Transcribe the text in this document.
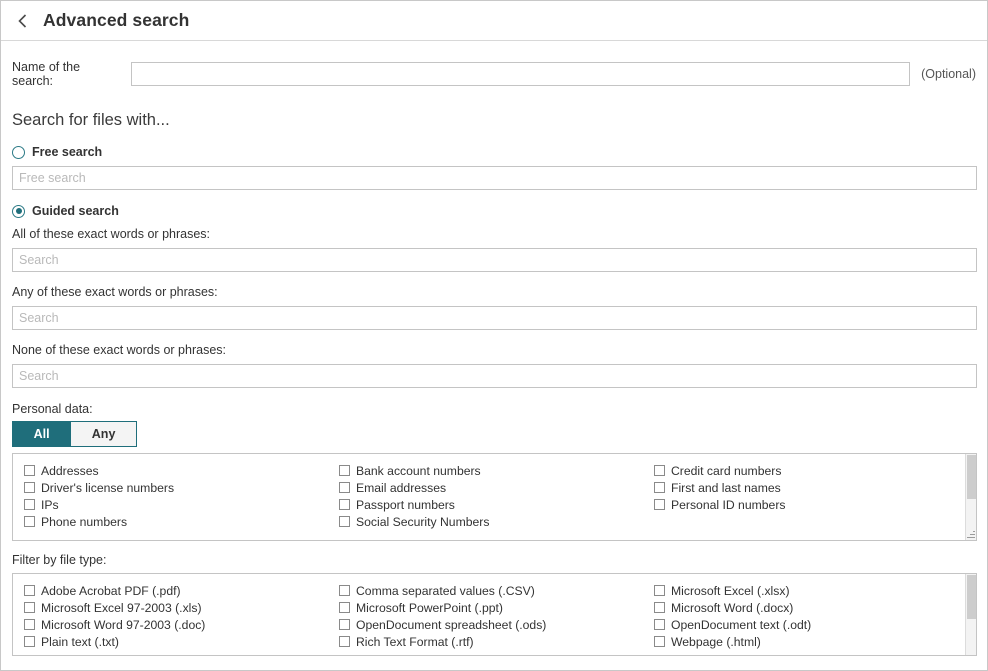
Advanced search
Name of the search:	(Optional)
Search for files with...
Free search
Free search
Guided search
All of these exact words or phrases:
Search
Any of these exact words or phrases:
Search
None of these exact words or phrases:
Search
Personal data:
All	Any
Addresses
Driver's license numbers
IPs
Phone numbers
Bank account numbers
Email addresses
Passport numbers
Social Security Numbers
Credit card numbers
First and last names
Personal ID numbers
Filter by file type:
Adobe Acrobat PDF (.pdf)
Microsoft Excel 97-2003 (.xls)
Microsoft Word 97-2003 (.doc)
Plain text (.txt)
Comma separated values (.CSV)
Microsoft PowerPoint (.ppt)
OpenDocument spreadsheet (.ods)
Rich Text Format (.rtf)
Microsoft Excel (.xlsx)
Microsoft Word (.docx)
OpenDocument text (.odt)
Webpage (.html)
